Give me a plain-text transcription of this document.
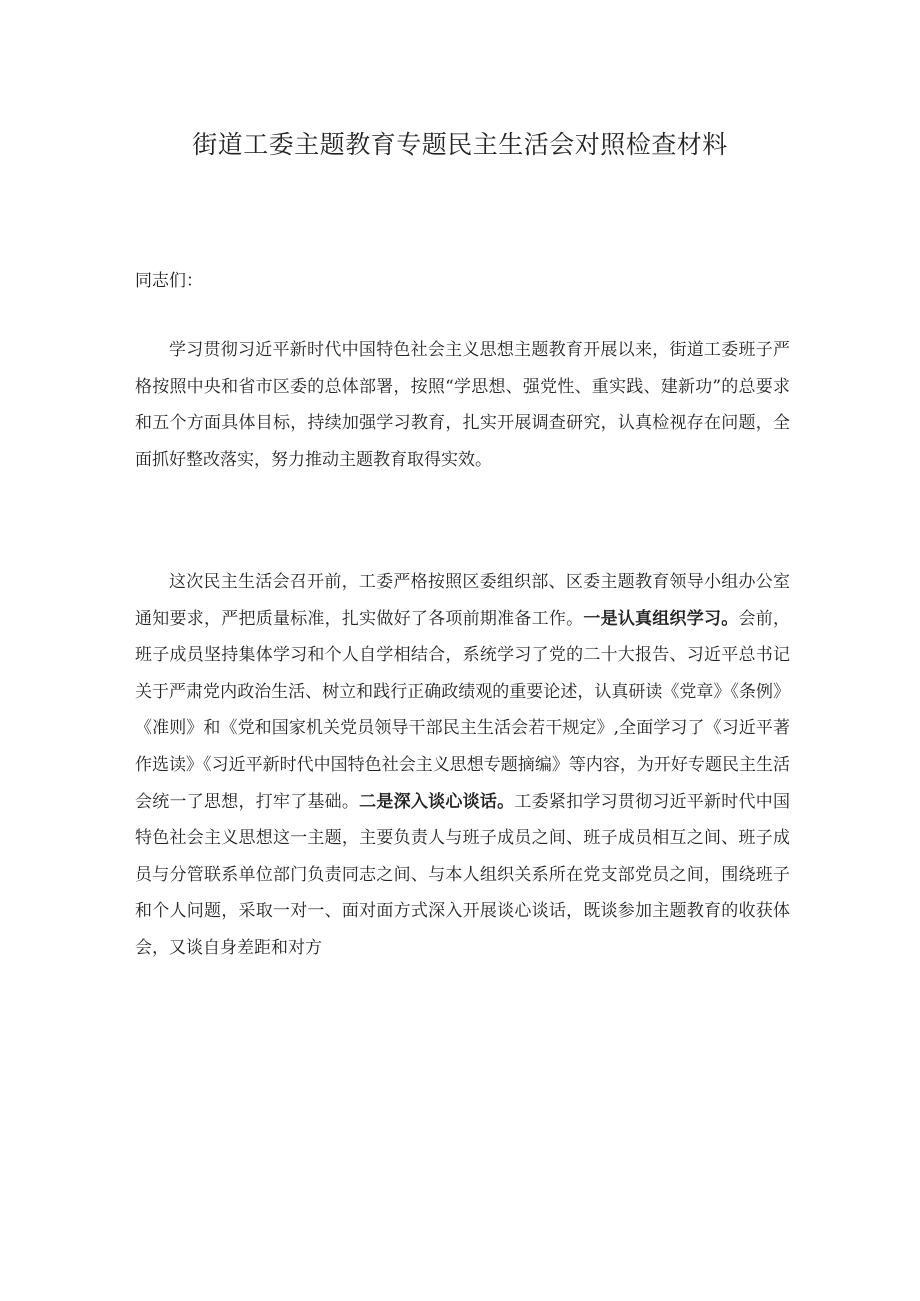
街道工委主题教育专题民主生活会对照检查材料
同志们：

学习贯彻习近平新时代中国特色社会主义思想主题教育开展以来，街道工委班子严格按照中央和省市区委的总体部署，按照“学思想、强党性、重实践、建新功”的总要求和五个方面具体目标，持续加强学习教育，扎实开展调查研究，认真检视存在问题，全面抓好整改落实，努力推动主题教育取得实效。

这次民主生活会召开前，工委严格按照区委组织部、区委主题教育领导小组办公室通知要求，严把质量标准，扎实做好了各项前期准备工作。一是认真组织学习。会前，班子成员坚持集体学习和个人自学相结合，系统学习了党的二十大报告、习近平总书记关于严肃党内政治生活、树立和践行正确政绩观的重要论述，认真研读《党章》《条例》《准则》和《党和国家机关党员领导干部民主生活会若干规定》,全面学习了《习近平著作选读》《习近平新时代中国特色社会主义思想专题摘编》等内容，为开好专题民主生活会统一了思想，打牢了基础。二是深入谈心谈话。工委紧扣学习贯彻习近平新时代中国特色社会主义思想这一主题，主要负责人与班子成员之间、班子成员相互之间、班子成员与分管联系单位部门负责同志之间、与本人组织关系所在党支部党员之间，围绕班子和个人问题，采取一对一、面对面方式深入开展谈心谈话，既谈参加主题教育的收获体会，又谈自身差距和对方
